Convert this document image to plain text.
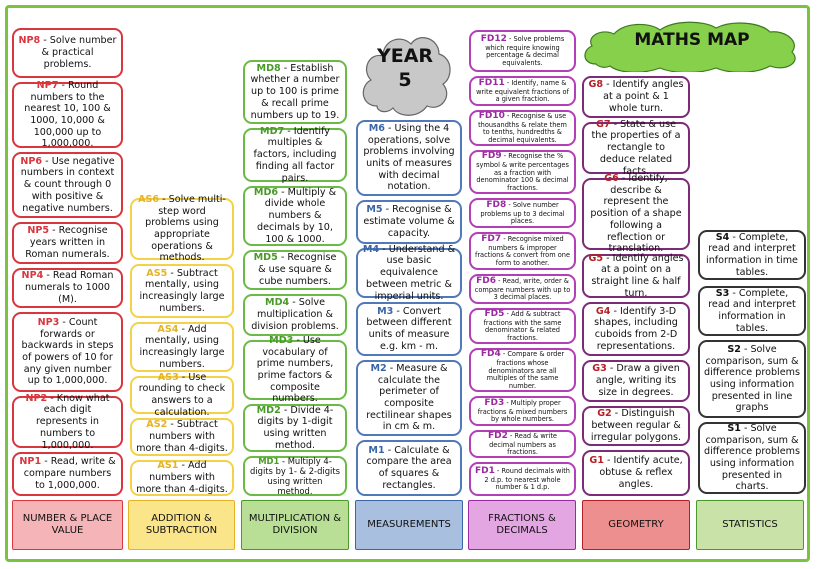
YEAR 5
MATHS MAP
NP8 - Solve number & practical problems.
NP7 - Round numbers to the nearest 10, 100 & 1000, 10,000 & 100,000 up to 1,000,000.
NP6 - Use negative numbers in context & count through 0 with positive & negative numbers.
NP5 - Recognise years written in Roman numerals.
NP4 - Read Roman numerals to 1000 (M).
NP3 - Count forwards or backwards in steps of powers of 10 for any given number up to 1,000,000.
NP2 - Know what each digit represents in numbers to 1,000,000.
NP1 - Read, write & compare numbers to 1,000,000.
AS6 - Solve multi-step word problems using appropriate operations & methods.
AS5 - Subtract mentally, using increasingly large numbers.
AS4 - Add mentally, using increasingly large numbers.
AS3 - Use rounding to check answers to a calculation.
AS2 - Subtract numbers with more than 4-digits.
AS1 - Add numbers with more than 4-digits.
MD8 - Establish whether a number up to 100 is prime & recall prime numbers up to 19.
MD7 - Identify multiples & factors, including finding all factor pairs.
MD6 - Multiply & divide whole numbers & decimals by 10, 100 & 1000.
MD5 - Recognise & use square & cube numbers.
MD4 - Solve multiplication & division problems.
MD3 - Use vocabulary of prime numbers, prime factors & composite numbers.
MD2 - Divide 4-digits by 1-digit using written method.
MD1 - Multiply 4-digits by 1- & 2-digits using written method.
M6 - Using the 4 operations, solve problems involving units of measures with decimal notation.
M5 - Recognise & estimate volume & capacity.
M4 - Understand & use basic equivalence between metric & imperial units.
M3 - Convert between different units of measure e.g. km - m.
M2 - Measure & calculate the perimeter of composite rectilinear shapes in cm & m.
M1 - Calculate & compare the area of squares & rectangles.
FD12 - Solve problems which require knowing percentage & decimal equivalents.
FD11 - Identify, name & write equivalent fractions of a given fraction.
FD10 - Recognise & use thousandths & relate them to tenths, hundredths & decimal equivalents.
FD9 - Recognise the % symbol & write percentages as a fraction with denominator 100 & decimal fractions.
FD8 - Solve number problems up to 3 decimal places.
FD7 - Recognise mixed numbers & improper fractions & convert from one form to another.
FD6 - Read, write, order & compare numbers with up to 3 decimal places.
FD5 - Add & subtract fractions with the same denominator & related fractions.
FD4 - Compare & order fractions whose denominators are all multiples of the same number.
FD3 - Multiply proper fractions & mixed numbers by whole numbers.
FD2 - Read & write decimal numbers as fractions.
FD1 - Round decimals with 2 d.p. to nearest whole number & 1 d.p.
G8 - Identify angles at a point & 1 whole turn.
G7 - State & use the properties of a rectangle to deduce related facts.
G6 - Identify, describe & represent the position of a shape following a reflection or translation.
G5 - Identify angles at a point on a straight line & half turn.
G4 - Identify 3-D shapes, including cuboids from 2-D representations.
G3 - Draw a given angle, writing its size in degrees.
G2 - Distinguish between regular & irregular polygons.
G1 - Identify acute, obtuse & reflex angles.
S4 - Complete, read and interpret information in time tables.
S3 - Complete, read and interpret information in tables.
S2 - Solve comparison, sum & difference problems using information presented in line graphs
S1 - Solve comparison, sum & difference problems using information presented in charts.
NUMBER & PLACE VALUE
ADDITION & SUBTRACTION
MULTIPLICATION & DIVISION
MEASUREMENTS
FRACTIONS & DECIMALS
GEOMETRY	STATISTICS
